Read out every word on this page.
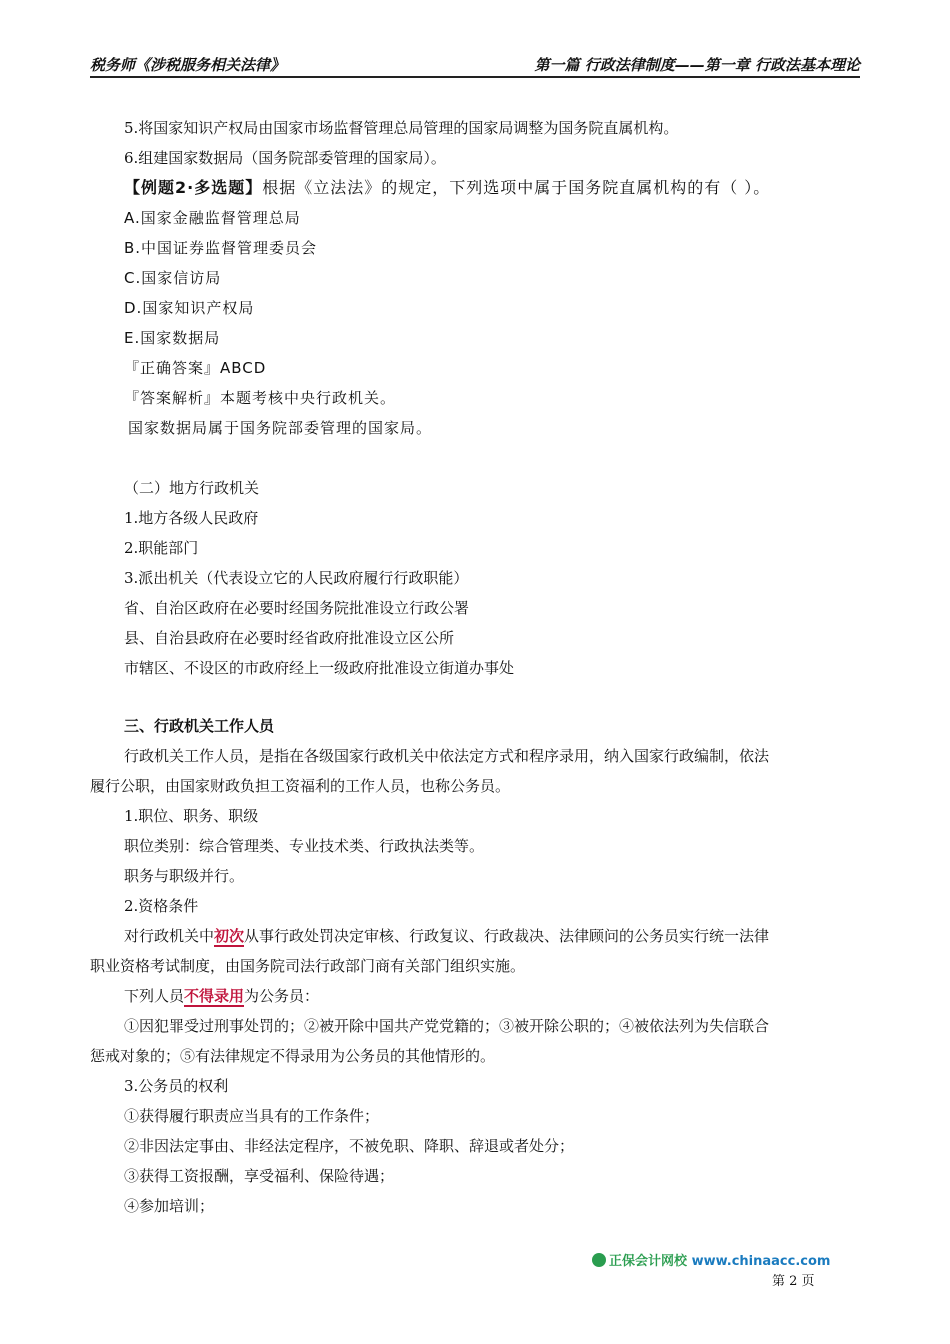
税务师《涉税服务相关法律》	第一篇 行政法律制度——第一章 行政法基本理论
5.将国家知识产权局由国家市场监督管理总局管理的国家局调整为国务院直属机构。
6.组建国家数据局（国务院部委管理的国家局）。
【例题2·多选题】根据《立法法》的规定，下列选项中属于国务院直属机构的有（ ）。
A.国家金融监督管理总局
B.中国证券监督管理委员会
C.国家信访局
D.国家知识产权局
E.国家数据局
『正确答案』ABCD
『答案解析』本题考核中央行政机关。
国家数据局属于国务院部委管理的国家局。
（二）地方行政机关
1.地方各级人民政府
2.职能部门
3.派出机关（代表设立它的人民政府履行行政职能）
省、自治区政府在必要时经国务院批准设立行政公署
县、自治县政府在必要时经省政府批准设立区公所
市辖区、不设区的市政府经上一级政府批准设立街道办事处
三、行政机关工作人员
行政机关工作人员，是指在各级国家行政机关中依法定方式和程序录用，纳入国家行政编制，依法
履行公职，由国家财政负担工资福利的工作人员，也称公务员。
1.职位、职务、职级
职位类别：综合管理类、专业技术类、行政执法类等。
职务与职级并行。
2.资格条件
对行政机关中初次从事行政处罚决定审核、行政复议、行政裁决、法律顾问的公务员实行统一法律
职业资格考试制度，由国务院司法行政部门商有关部门组织实施。
下列人员不得录用为公务员：
①因犯罪受过刑事处罚的；②被开除中国共产党党籍的；③被开除公职的；④被依法列为失信联合
惩戒对象的；⑤有法律规定不得录用为公务员的其他情形的。
3.公务员的权利
①获得履行职责应当具有的工作条件；
②非因法定事由、非经法定程序，不被免职、降职、辞退或者处分；
③获得工资报酬，享受福利、保险待遇；
④参加培训；
正保会计网校 www.chinaacc.com
第 2 页
